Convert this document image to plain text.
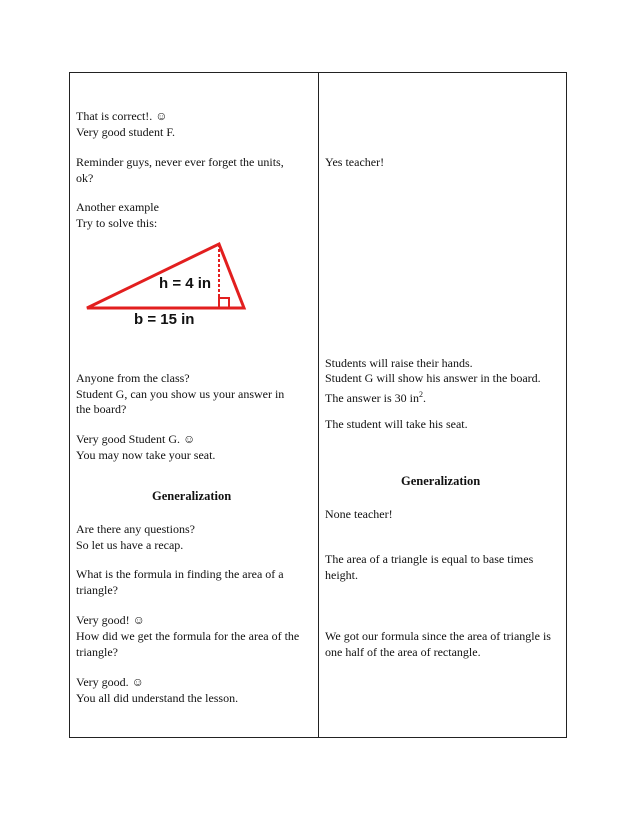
That is correct!. ☺
Very good student F.
Reminder guys, never ever forget the units,
ok?
Another example
Try to solve this:
h = 4 in
b = 15 in
Anyone from the class?
Student G, can you show us your answer in
the board?
Very good Student G. ☺
You may now take your seat.
Generalization
Are there any questions?
So let us have a recap.
What is the formula in finding the area of a
triangle?
Very good! ☺
How did we get the formula for the area of the
triangle?
Very good. ☺
You all did understand the lesson.
Yes teacher!
Students will raise their hands.
Student G will show his answer in the board.
The answer is 30 $in^2$.
The student will take his seat.
Generalization
None teacher!
The area of a triangle is equal to base times
height.
We got our formula since the area of triangle is
one half of the area of rectangle.
